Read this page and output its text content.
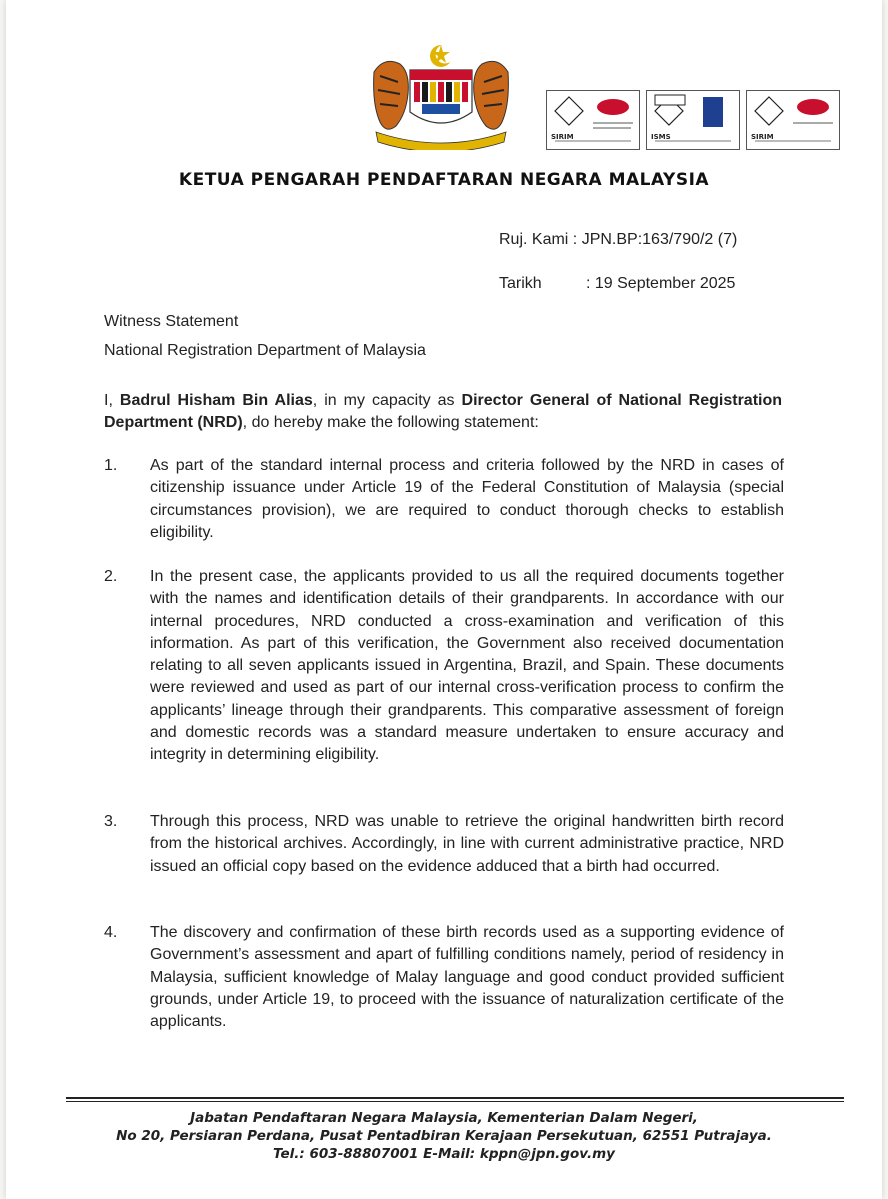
SIRIM	ISMS	SIRIM
KETUA PENGARAH PENDAFTARAN NEGARA MALAYSIA
Ruj. Kami : JPN.BP:163/790/2 (7)
Tarikh	: 19 September 2025
Witness Statement
National Registration Department of Malaysia
I, Badrul Hisham Bin Alias, in my capacity as Director General of National Registration Department (NRD), do hereby make the following statement:
1.	As part of the standard internal process and criteria followed by the NRD in cases of citizenship issuance under Article 19 of the Federal Constitution of Malaysia (special circumstances provision), we are required to conduct thorough checks to establish eligibility.
2.	In the present case, the applicants provided to us all the required documents together with the names and identification details of their grandparents. In accordance with our internal procedures, NRD conducted a cross-examination and verification of this information. As part of this verification, the Government also received documentation relating to all seven applicants issued in Argentina, Brazil, and Spain. These documents were reviewed and used as part of our internal cross-verification process to confirm the applicants’ lineage through their grandparents. This comparative assessment of foreign and domestic records was a standard measure undertaken to ensure accuracy and integrity in determining eligibility.
3.	Through this process, NRD was unable to retrieve the original handwritten birth record from the historical archives. Accordingly, in line with current administrative practice, NRD issued an official copy based on the evidence adduced that a birth had occurred.
4.	The discovery and confirmation of these birth records used as a supporting evidence of Government’s assessment and apart of fulfilling conditions namely, period of residency in Malaysia, sufficient knowledge of Malay language and good conduct provided sufficient grounds, under Article 19, to proceed with the issuance of naturalization certificate of the applicants.
Jabatan Pendaftaran Negara Malaysia, Kementerian Dalam Negeri,
No 20, Persiaran Perdana, Pusat Pentadbiran Kerajaan Persekutuan, 62551 Putrajaya.
Tel.: 603-88807001 E-Mail: kppn@jpn.gov.my
